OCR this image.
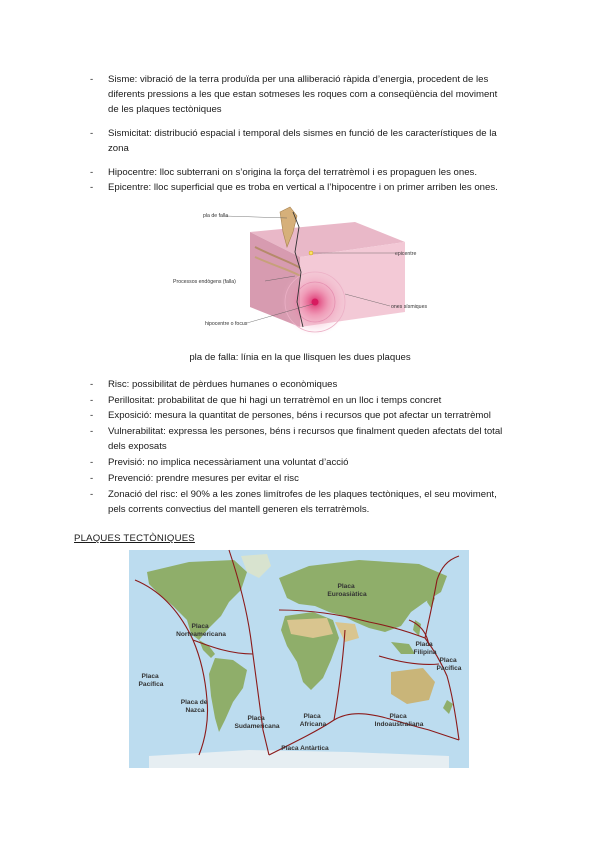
- Sisme: vibració de la terra produïda per una alliberació ràpida d’energia, procedent de les
diferents pressions a les que estan sotmeses les roques com a conseqüència del moviment
de les plaques tectòniques
- Sismicitat: distribució espacial i temporal dels sismes en funció de les característiques de la
zona
- Hipocentre: lloc subterrani on s’origina la força del terratrèmol i es propaguen les ones.
- Epicentre: lloc superficial que es troba en vertical a l’hipocentre i on primer arriben les ones.
pla de falla
epicentre
Processos endògens (falla)
hipocentre o focus
ones sísmiques
pla de falla: línia en la que llisquen les dues plaques
- Risc: possibilitat de pèrdues humanes o econòmiques
- Perillositat: probabilitat de que hi hagi un terratrèmol en un lloc i temps concret
- Exposició: mesura la quantitat de persones, béns i recursos que pot afectar un terratrèmol
- Vulnerabilitat: expressa les persones, béns i recursos que finalment queden afectats del total
dels exposats
- Previsió: no implica necessàriament una voluntat d’acció
- Prevenció: prendre mesures per evitar el risc
- Zonació del risc: el 90% a les zones limítrofes de les plaques tectòniques, el seu moviment,
pels corrents convectius del mantell generen els terratrèmols.
PLAQUES TECTÒNIQUES
Placa Euroasiàtica
Placa Norteamericana
Placa Filipina
Placa Pacífica
Placa Pacífica
Placa de Nazca
Placa Sudamericana
Placa Africana
Placa Indoaustraliana
Placa Antàrtica
